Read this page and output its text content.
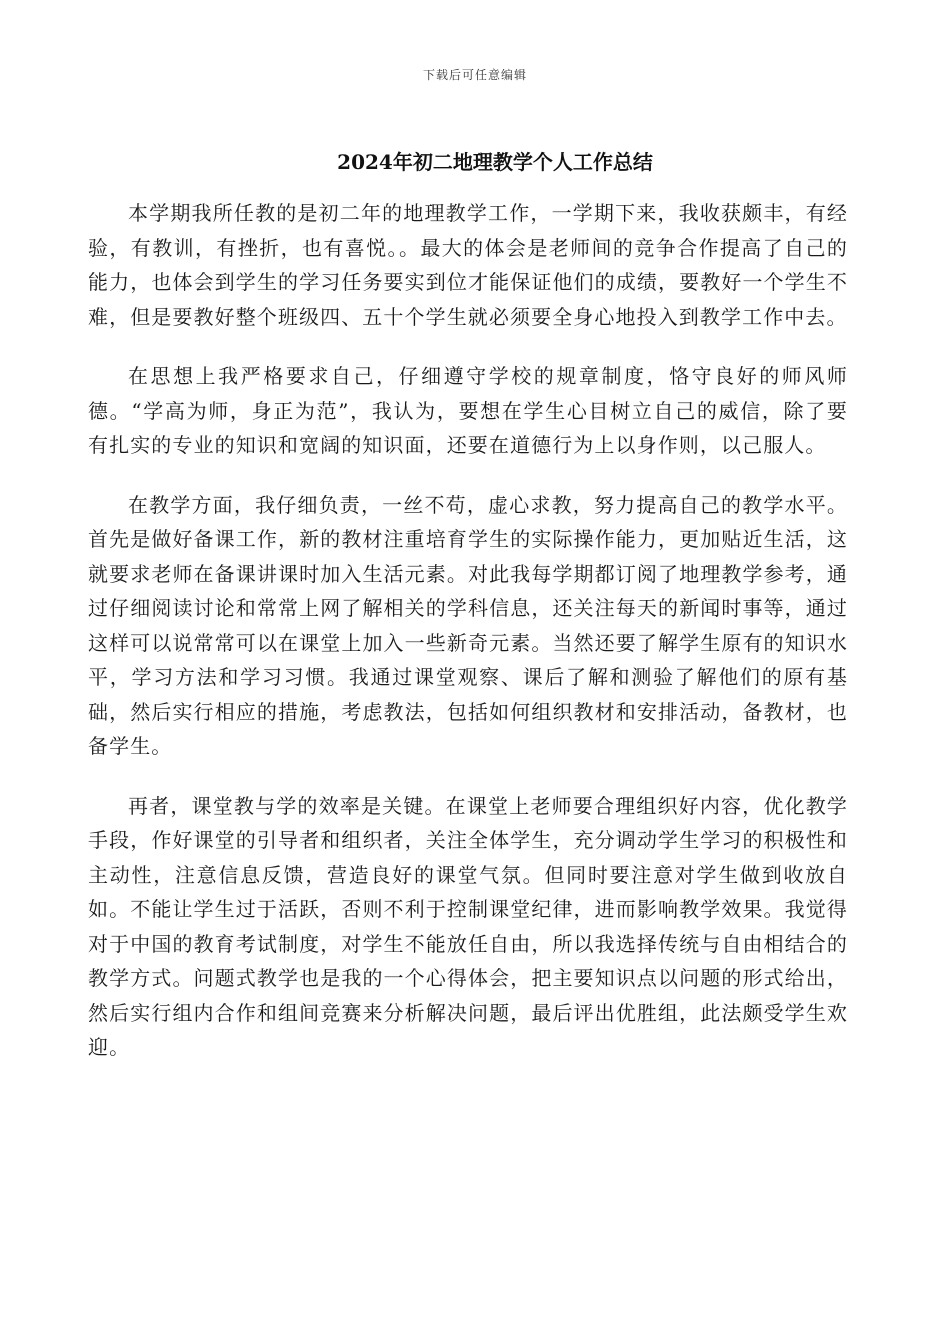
下载后可任意编辑
2024年初二地理教学个人工作总结

本学期我所任教的是初二年的地理教学工作，一学期下来，我收获颇丰，有经验，有教训，有挫折，也有喜悦。。最大的体会是老师间的竞争合作提高了自己的能力，也体会到学生的学习任务要实到位才能保证他们的成绩，要教好一个学生不难，但是要教好整个班级四、五十个学生就必须要全身心地投入到教学工作中去。

在思想上我严格要求自己，仔细遵守学校的规章制度，恪守良好的师风师德。“学高为师，身正为范”，我认为，要想在学生心目树立自己的威信，除了要有扎实的专业的知识和宽阔的知识面，还要在道德行为上以身作则，以己服人。

在教学方面，我仔细负责，一丝不苟，虚心求教，努力提高自己的教学水平。首先是做好备课工作，新的教材注重培育学生的实际操作能力，更加贴近生活，这就要求老师在备课讲课时加入生活元素。对此我每学期都订阅了地理教学参考，通过仔细阅读讨论和常常上网了解相关的学科信息，还关注每天的新闻时事等，通过这样可以说常常可以在课堂上加入一些新奇元素。当然还要了解学生原有的知识水平，学习方法和学习习惯。我通过课堂观察、课后了解和测验了解他们的原有基础，然后实行相应的措施，考虑教法，包括如何组织教材和安排活动，备教材，也备学生。

再者，课堂教与学的效率是关键。在课堂上老师要合理组织好内容，优化教学手段，作好课堂的引导者和组织者，关注全体学生，充分调动学生学习的积极性和主动性，注意信息反馈，营造良好的课堂气氛。但同时要注意对学生做到收放自如。不能让学生过于活跃，否则不利于控制课堂纪律，进而影响教学效果。我觉得对于中国的教育考试制度，对学生不能放任自由，所以我选择传统与自由相结合的教学方式。问题式教学也是我的一个心得体会，把主要知识点以问题的形式给出，然后实行组内合作和组间竞赛来分析解决问题，最后评出优胜组，此法颇受学生欢迎。
